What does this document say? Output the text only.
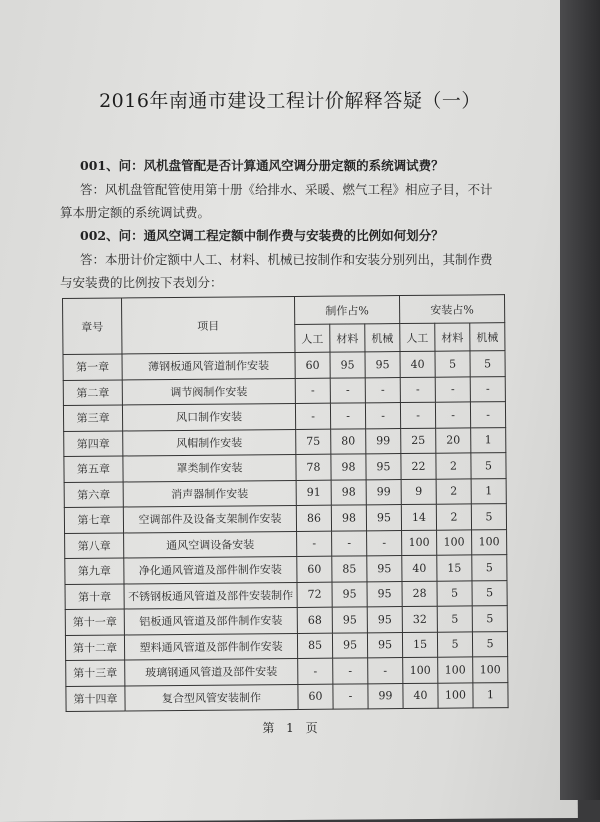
2016年南通市建设工程计价解释答疑（一）
001、问：风机盘管配是否计算通风空调分册定额的系统调试费？
答：风机盘管配管使用第十册《给排水、采暖、燃气工程》相应子目，不计
算本册定额的系统调试费。
002、问：通风空调工程定额中制作费与安装费的比例如何划分？
答：本册计价定额中人工、材料、机械已按制作和安装分别列出，其制作费
与安装费的比例按下表划分：
章号	项目	制作占%			安装占%		
		人工	材料	机械	人工	材料	机械
第一章	薄钢板通风管道制作安装	60	95	95	40	5	5
第二章	调节阀制作安装	-	-	-	-	-	-
第三章	风口制作安装	-	-	-	-	-	-
第四章	风帽制作安装	75	80	99	25	20	1
第五章	罩类制作安装	78	98	95	22	2	5
第六章	消声器制作安装	91	98	99	9	2	1
第七章	空调部件及设备支架制作安装	86	98	95	14	2	5
第八章	通风空调设备安装	-	-	-	100	100	100
第九章	净化通风管道及部件制作安装	60	85	95	40	15	5
第十章	不锈钢板通风管道及部件安装制作	72	95	95	28	5	5
第十一章	铝板通风管道及部件制作安装	68	95	95	32	5	5
第十二章	塑料通风管道及部件制作安装	85	95	95	15	5	5
第十三章	玻璃钢通风管道及部件安装	-	-	-	100	100	100
第十四章	复合型风管安装制作	60	-	99	40	100	1
第 1 页
